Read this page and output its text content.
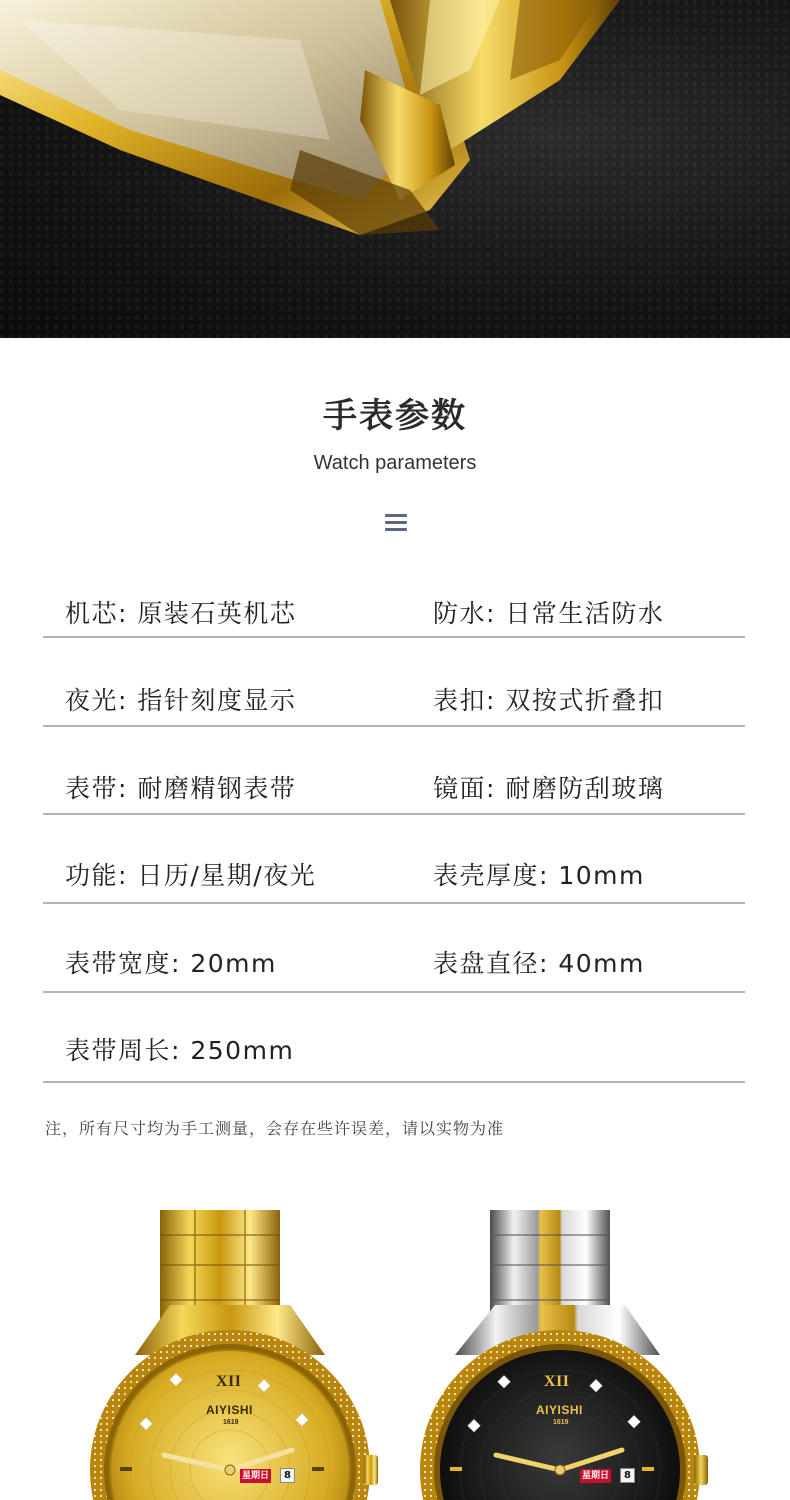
手表参数
Watch parameters
机芯: 原装石英机芯	防水: 日常生活防水
夜光: 指针刻度显示	表扣: 双按式折叠扣
表带: 耐磨精钢表带	镜面: 耐磨防刮玻璃
功能: 日历/星期/夜光	表壳厚度: 10mm
表带宽度: 20mm	表盘直径: 40mm
表带周长: 250mm
注，所有尺寸均为手工测量，会存在些许误差，请以实物为准
AIYISHI
1619
XII
星期日	8
AIYISHI
1619
XII
星期日	8
